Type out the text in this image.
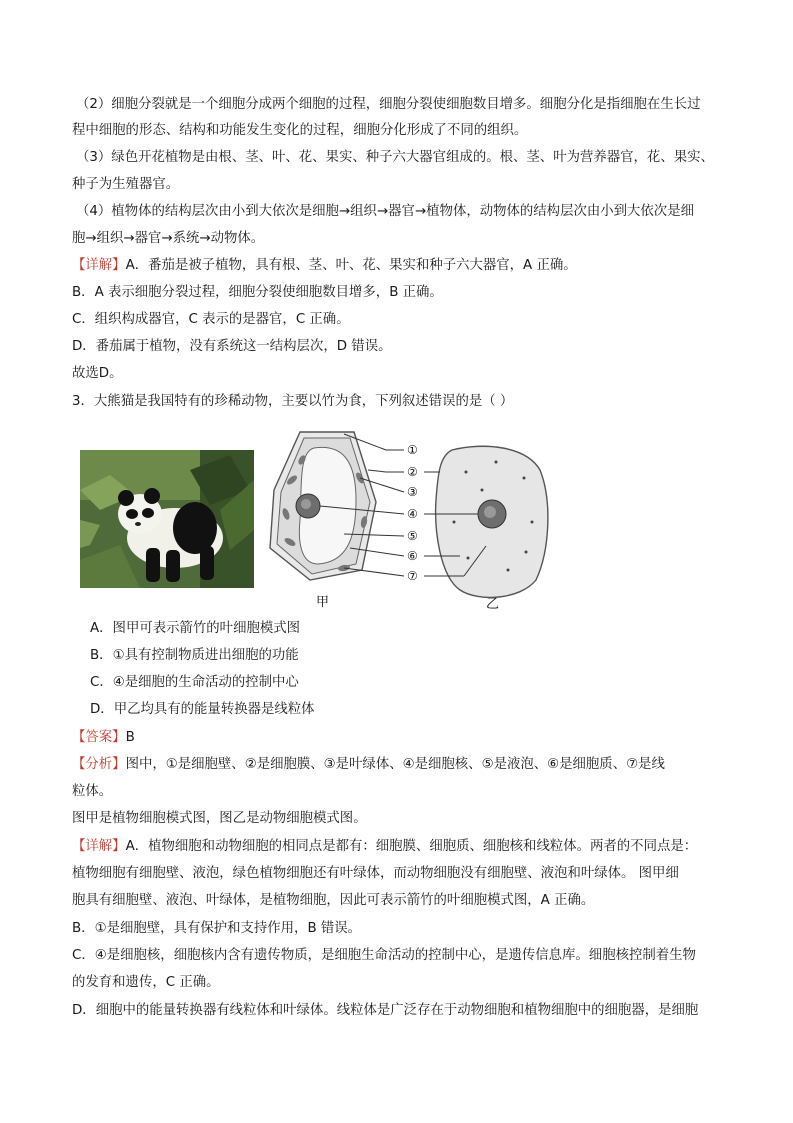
（2）细胞分裂就是一个细胞分成两个细胞的过程，细胞分裂使细胞数目增多。细胞分化是指细胞在生长过
程中细胞的形态、结构和功能发生变化的过程，细胞分化形成了不同的组织。
（3）绿色开花植物是由根、茎、叶、花、果实、种子六大器官组成的。根、茎、叶为营养器官，花、果实、
种子为生殖器官。
（4）植物体的结构层次由小到大依次是细胞→组织→器官→植物体，动物体的结构层次由小到大依次是细
胞→组织→器官→系统→动物体。
【详解】A．番茄是被子植物，具有根、茎、叶、花、果实和种子六大器官，A 正确。
B．A 表示细胞分裂过程，细胞分裂使细胞数目增多，B 正确。
C．组织构成器官，C 表示的是器官，C 正确。
D．番茄属于植物，没有系统这一结构层次，D 错误。
故选D。
3．大熊猫是我国特有的珍稀动物，主要以竹为食，下列叙述错误的是（ ）
①
②
③
④
⑤
⑥
⑦
甲	乙
A．图甲可表示箭竹的叶细胞模式图
B．①具有控制物质进出细胞的功能
C．④是细胞的生命活动的控制中心
D．甲乙均具有的能量转换器是线粒体
【答案】B
【分析】图中，①是细胞壁、②是细胞膜、③是叶绿体、④是细胞核、⑤是液泡、⑥是细胞质、⑦是线
粒体。
图甲是植物细胞模式图，图乙是动物细胞模式图。
【详解】A．植物细胞和动物细胞的相同点是都有：细胞膜、细胞质、细胞核和线粒体。两者的不同点是：
植物细胞有细胞壁、液泡，绿色植物细胞还有叶绿体，而动物细胞没有细胞壁、液泡和叶绿体。 图甲细
胞具有细胞壁、液泡、叶绿体，是植物细胞，因此可表示箭竹的叶细胞模式图，A 正确。
B．①是细胞壁，具有保护和支持作用，B 错误。
C．④是细胞核，细胞核内含有遗传物质，是细胞生命活动的控制中心，是遗传信息库。细胞核控制着生物
的发育和遗传，C 正确。
D．细胞中的能量转换器有线粒体和叶绿体。线粒体是广泛存在于动物细胞和植物细胞中的细胞器，是细胞
